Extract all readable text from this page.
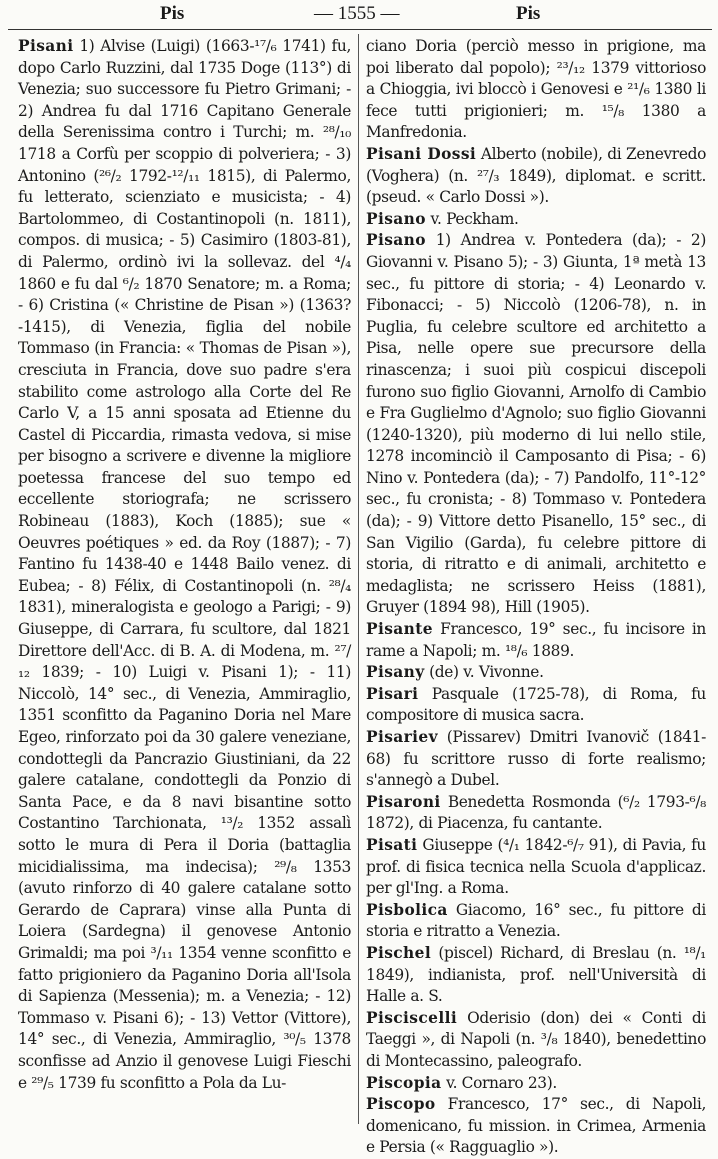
Pis	— 1555 —	Pis

Pisani 1) Alvise (Luigi) (1663-¹⁷/₆ 1741) fu, dopo Carlo Ruzzini, dal 1735 Doge (113°) di Venezia; suo successore fu Pietro Grimani; - 2) Andrea fu dal 1716 Capitano Generale della Serenissima contro i Turchi; m. ²⁸/₁₀ 1718 a Corfù per scoppio di polveriera; - 3) Antonino (²⁶/₂ 1792-¹²/₁₁ 1815), di Palermo, fu letterato, scienziato e musicista; - 4) Bartolommeo, di Costantinopoli (n. 1811), compos. di musica; - 5) Casimiro (1803-81), di Palermo, ordinò ivi la sollevaz. del ⁴/₄ 1860 e fu dal ⁶/₂ 1870 Senatore; m. a Roma; - 6) Cristina (« Christine de Pisan ») (1363?-1415), di Venezia, figlia del nobile Tommaso (in Francia: « Thomas de Pisan »), cresciuta in Francia, dove suo padre s'era stabilito come astrologo alla Corte del Re Carlo V, a 15 anni sposata ad Etienne du Castel di Piccardia, rimasta vedova, si mise per bisogno a scrivere e divenne la migliore poetessa francese del suo tempo ed eccellente storiografa; ne scrissero Robineau (1883), Koch (1885); sue « Oeuvres poétiques » ed. da Roy (1887); - 7) Fantino fu 1438-40 e 1448 Bailo venez. di Eubea; - 8) Félix, di Costantinopoli (n. ²⁸/₄ 1831), mineralogista e geologo a Parigi; - 9) Giuseppe, di Carrara, fu scultore, dal 1821 Direttore dell'Acc. di B. A. di Modena, m. ²⁷/₁₂ 1839; - 10) Luigi v. Pisani 1); - 11) Niccolò, 14° sec., di Venezia, Ammiraglio, 1351 sconfitto da Paganino Doria nel Mare Egeo, rinforzato poi da 30 galere veneziane, condottegli da Pancrazio Giustiniani, da 22 galere catalane, condottegli da Ponzio di Santa Pace, e da 8 navi bisantine sotto Costantino Tarchionata, ¹³/₂ 1352 assalì sotto le mura di Pera il Doria (battaglia micidialissima, ma indecisa); ²⁹/₈ 1353 (avuto rinforzo di 40 galere catalane sotto Gerardo de Caprara) vinse alla Punta di Loiera (Sardegna) il genovese Antonio Grimaldi; ma poi ³/₁₁ 1354 venne sconfitto e fatto prigioniero da Paganino Doria all'Isola di Sapienza (Messenia); m. a Venezia; - 12) Tommaso v. Pisani 6); - 13) Vettor (Vittore), 14° sec., di Venezia, Ammiraglio, ³⁰/₅ 1378 sconfisse ad Anzio il genovese Luigi Fieschi e ²⁹/₅ 1739 fu sconfitto a Pola da Lu-

ciano Doria (perciò messo in prigione, ma poi liberato dal popolo); ²³/₁₂ 1379 vittorioso a Chioggia, ivi bloccò i Genovesi e ²¹/₆ 1380 li fece tutti prigionieri; m. ¹⁵/₈ 1380 a Manfredonia.

Pisani Dossi Alberto (nobile), di Zenevredo (Voghera) (n. ²⁷/₃ 1849), diplomat. e scritt. (pseud. « Carlo Dossi »).

Pisano v. Peckham.

Pisano 1) Andrea v. Pontedera (da); - 2) Giovanni v. Pisano 5); - 3) Giunta, 1ª metà 13 sec., fu pittore di storia; - 4) Leonardo v. Fibonacci; - 5) Niccolò (1206-78), n. in Puglia, fu celebre scultore ed architetto a Pisa, nelle opere sue precursore della rinascenza; i suoi più cospicui discepoli furono suo figlio Giovanni, Arnolfo di Cambio e Fra Guglielmo d'Agnolo; suo figlio Giovanni (1240-1320), più moderno di lui nello stile, 1278 incominciò il Camposanto di Pisa; - 6) Nino v. Pontedera (da); - 7) Pandolfo, 11°-12° sec., fu cronista; - 8) Tommaso v. Pontedera (da); - 9) Vittore detto Pisanello, 15° sec., di San Vigilio (Garda), fu celebre pittore di storia, di ritratto e di animali, architetto e medaglista; ne scrissero Heiss (1881), Gruyer (1894 98), Hill (1905).

Pisante Francesco, 19° sec., fu incisore in rame a Napoli; m. ¹⁸/₆ 1889.

Pisany (de) v. Vivonne.

Pisari Pasquale (1725-78), di Roma, fu compositore di musica sacra.

Pisariev (Pissarev) Dmitri Ivanovič (1841-68) fu scrittore russo di forte realismo; s'annegò a Dubel.

Pisaroni Benedetta Rosmonda (⁶/₂ 1793-⁶/₈ 1872), di Piacenza, fu cantante.

Pisati Giuseppe (⁴/₁ 1842-⁶/₇ 91), di Pavia, fu prof. di fisica tecnica nella Scuola d'applicaz. per gl'Ing. a Roma.

Pisbolica Giacomo, 16° sec., fu pittore di storia e ritratto a Venezia.

Pischel (piscel) Richard, di Breslau (n. ¹⁸/₁ 1849), indianista, prof. nell'Università di Halle a. S.

Pisciscelli Oderisio (don) dei « Conti di Taeggi », di Napoli (n. ³/₈ 1840), benedettino di Montecassino, paleografo.

Piscopia v. Cornaro 23).

Piscopo Francesco, 17° sec., di Napoli, domenicano, fu mission. in Crimea, Armenia e Persia (« Ragguaglio »).
